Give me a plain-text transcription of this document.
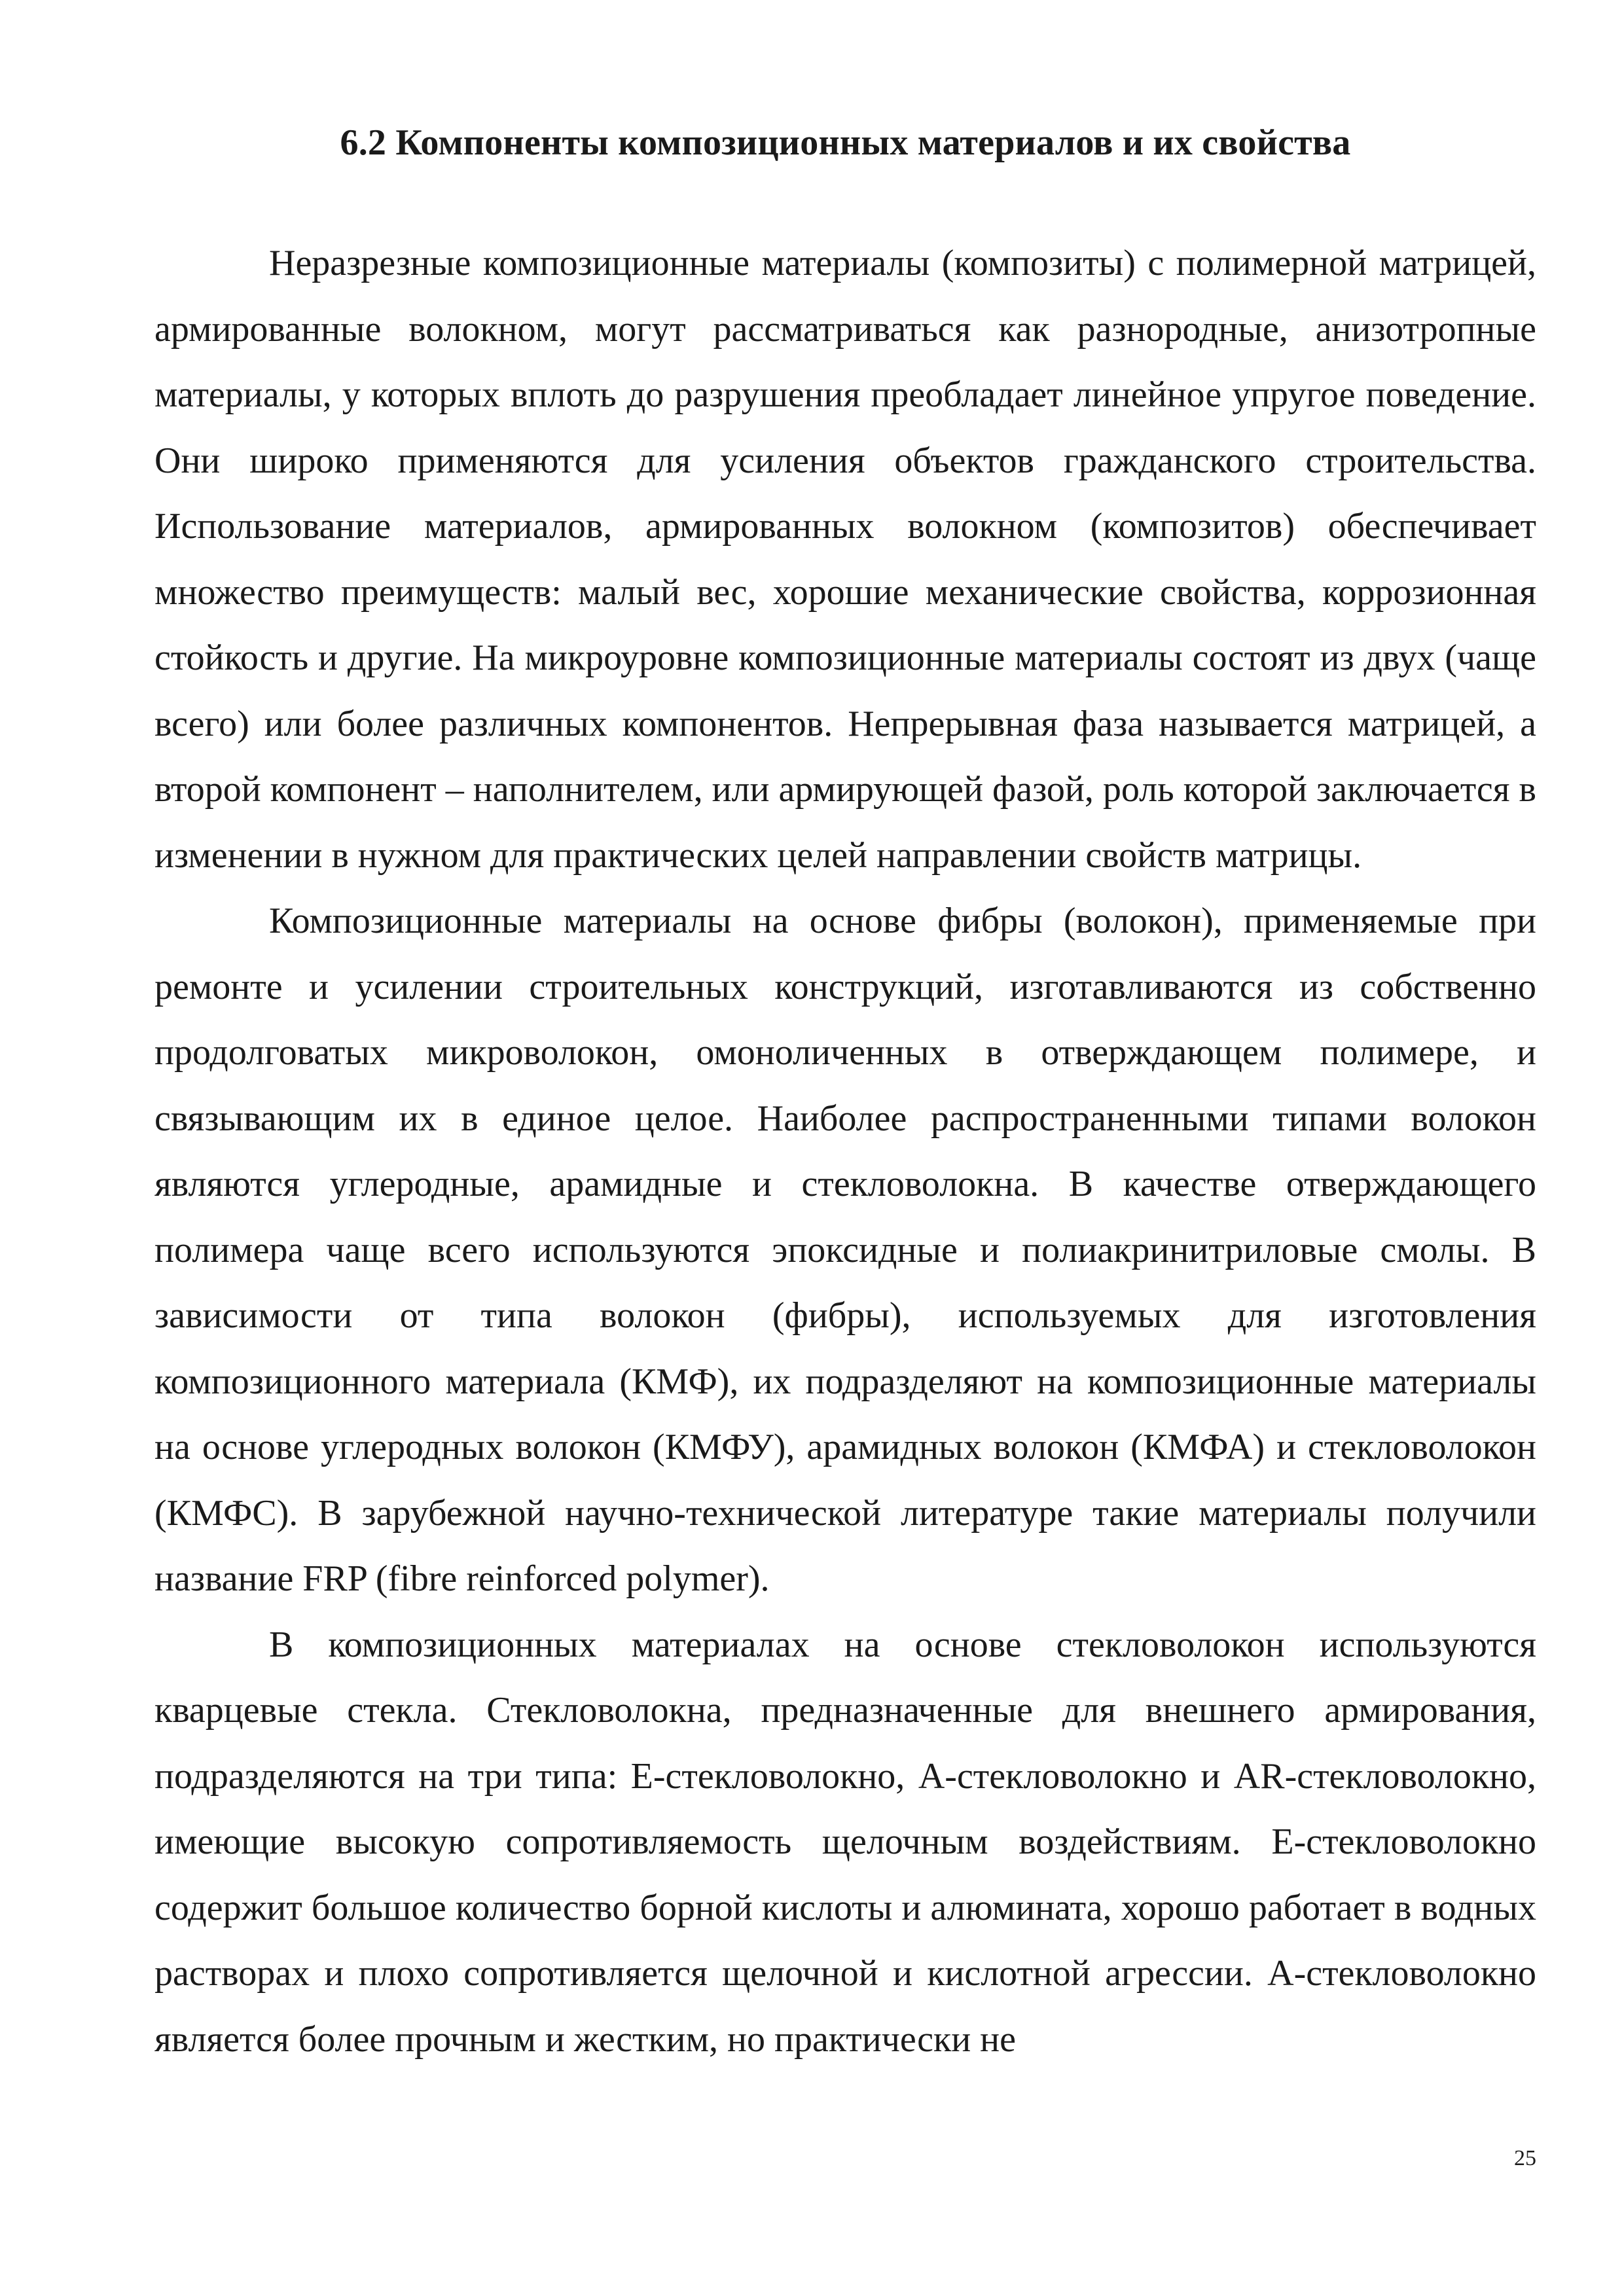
6.2 Компоненты композиционных материалов и их свойства

Неразрезные композиционные материалы (композиты) с полимерной матрицей, армированные волокном, могут рассматриваться как разнородные, анизотропные материалы, у которых вплоть до разрушения преобладает линейное упругое поведение. Они широко применяются для усиления объектов гражданского строительства. Использование материалов, армированных волокном (композитов) обеспечивает множество преимуществ: малый вес, хорошие механические свойства, коррозионная стойкость и другие. На микроуровне композиционные материалы состоят из двух (чаще всего) или более различных компонентов. Непрерывная фаза называется матрицей, а второй компонент – наполнителем, или армирующей фазой, роль которой заключается в изменении в нужном для практических целей направлении свойств матрицы.

Композиционные материалы на основе фибры (волокон), применяемые при ремонте и усилении строительных конструкций, изготавливаются из собственно продолговатых микроволокон, омоноличенных в отверждающем полимере, и связывающим их в единое целое. Наиболее распространенными типами волокон являются углеродные, арамидные и стекловолокна. В качестве отверждающего полимера чаще всего используются эпоксидные и полиакринитриловые смолы. В зависимости от типа волокон (фибры), используемых для изготовления композиционного материала (КМФ), их подразделяют на композиционные материалы на основе углеродных волокон (КМФУ), арамидных волокон (КМФА) и стекловолокон (КМФС). В зарубежной научно-технической литературе такие материалы получили название FRP (fibre reinforced polymer).

В композиционных материалах на основе стекловолокон используются кварцевые стекла. Стекловолокна, предназначенные для внешнего армирования, подразделяются на три типа: Е-стекловолокно, А-стекловолокно и AR-стекловолокно, имеющие высокую сопротивляемость щелочным воздействиям. Е-стекловолокно содержит большое количество борной кислоты и алюмината, хорошо работает в водных растворах и плохо сопротивляется щелочной и кислотной агрессии. А-стекловолокно является более прочным и жестким, но практически не

25
